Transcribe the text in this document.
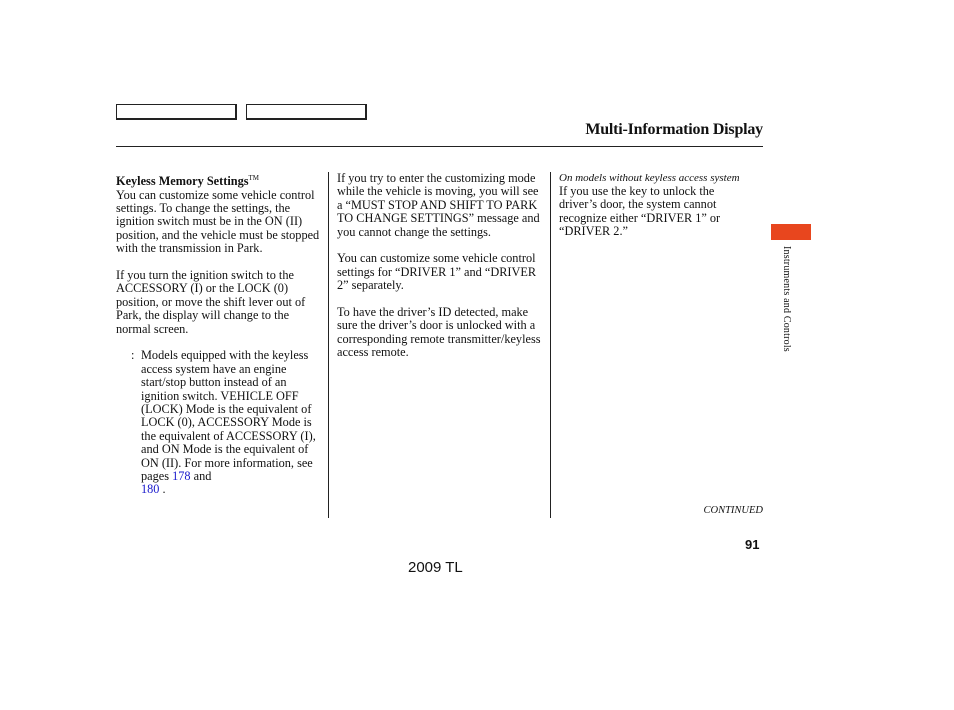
Multi-Information Display
Keyless Memory Settings™

You can customize some vehicle control settings. To change the settings, the ignition switch must be in the ON (II) position, and the vehicle must be stopped with the transmission in Park.

If you turn the ignition switch to the ACCESSORY (I) or the LOCK (0) position, or move the shift lever out of Park, the display will change to the normal screen.

: Models equipped with the keyless access system have an engine start/stop button instead of an ignition switch. VEHICLE OFF (LOCK) Mode is the equivalent of LOCK (0), ACCESSORY Mode is the equivalent of ACCESSORY (I), and ON Mode is the equivalent of ON (II). For more information, see pages 178 and
180 .

If you try to enter the customizing mode while the vehicle is moving, you will see a “MUST STOP AND SHIFT TO PARK TO CHANGE SETTINGS” message and you cannot change the settings.

You can customize some vehicle control settings for “DRIVER 1” and “DRIVER 2” separately.

To have the driver’s ID detected, make sure the driver’s door is unlocked with a corresponding remote transmitter/keyless access remote.

On models without keyless access system

If you use the key to unlock the driver’s door, the system cannot recognize either “DRIVER 1” or “DRIVER 2.”

CONTINUED
91
2009 TL
Instruments and Controls
